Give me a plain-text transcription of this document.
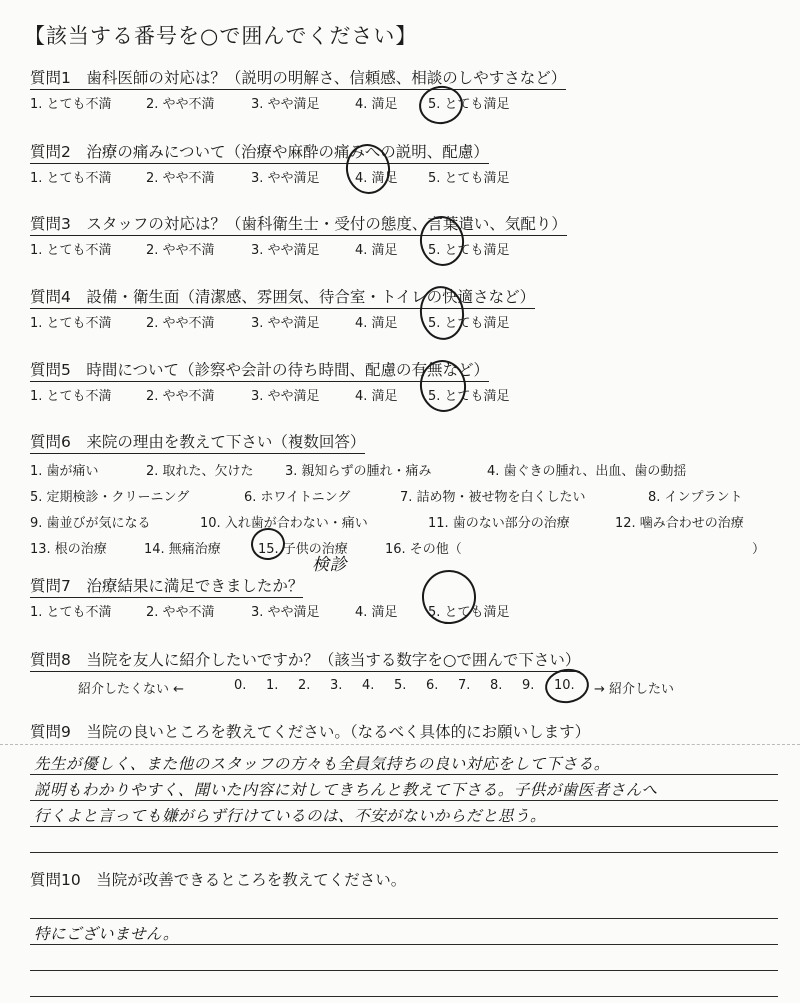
【該当する番号を○で囲んでください】
質問1　歯科医師の対応は？（説明の明解さ、信頼感、相談のしやすさなど）
1. とても不満	2. やや不満	3. やや満足	4. 満足 5. とても満足
質問2　治療の痛みについて（治療や麻酔の痛みへの説明、配慮）
1. とても不満	2. やや不満	3. やや満足	4. 満足 5. とても満足
質問3　スタッフの対応は？（歯科衛生士・受付の態度、言葉遣い、気配り）
1. とても不満	2. やや不満	3. やや満足	4. 満足 5. とても満足
質問4　設備・衛生面（清潔感、雰囲気、待合室・トイレの快適さなど）
1. とても不満	2. やや不満	3. やや満足	4. 満足 5. とても満足
質問5　時間について（診察や会計の待ち時間、配慮の有無など）
1. とても不満	2. やや不満	3. やや満足	4. 満足 5. とても満足
質問6　来院の理由を教えて下さい（複数回答）
1. 歯が痛い	2. 取れた、欠けた 3. 親知らずの腫れ・痛み	4. 歯ぐきの腫れ、出血、歯の動揺
5. 定期検診・クリーニング	6. ホワイトニング	7. 詰め物・被せ物を白くしたい	8. インプラント
9. 歯並びが気になる	10. 入れ歯が合わない・痛い	11. 歯のない部分の治療	12. 噛み合わせの治療
13. 根の治療	14. 無痛治療	15. 子供の治療	16. その他（	）
検診
質問7　治療結果に満足できましたか？
1. とても不満	2. やや不満	3. やや満足	4. 満足 5. とても満足
質問8　当院を友人に紹介したいですか？（該当する数字を○で囲んで下さい）
紹介したくない ←	0. 1. 2. 3. 4. 5. 6. 7. 8. 9. 10. → 紹介したい
質問9　当院の良いところを教えてください。（なるべく具体的にお願いします）
先生が優しく、また他のスタッフの方々も全員気持ちの良い対応をして下さる。
説明もわかりやすく、聞いた内容に対してきちんと教えて下さる。子供が歯医者さんへ
行くよと言っても嫌がらず行けているのは、不安がないからだと思う。
質問10　当院が改善できるところを教えてください。
特にございません。
